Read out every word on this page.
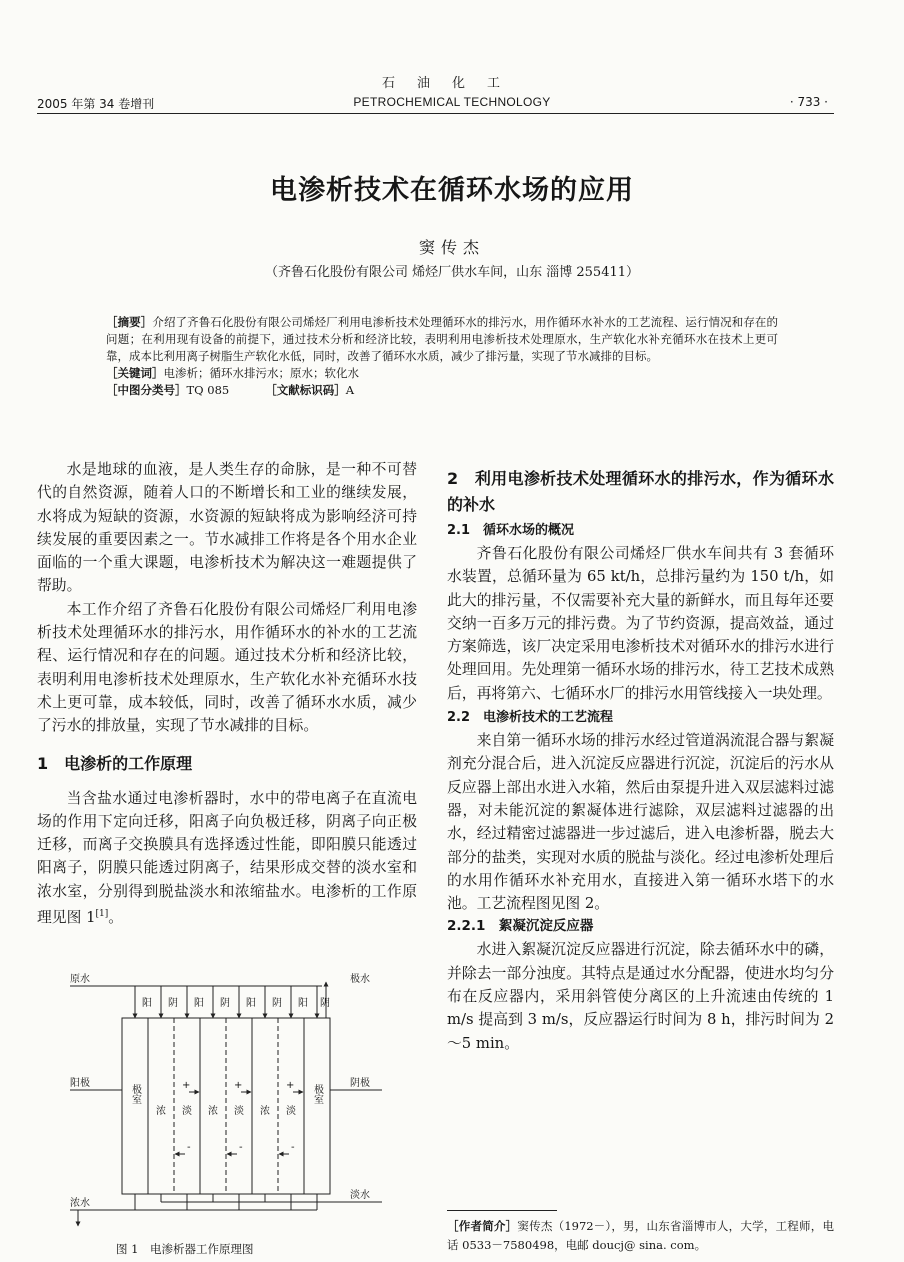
石油化工
2005 年第 34 卷增刊	PETROCHEMICAL TECHNOLOGY	· 733 ·
电渗析技术在循环水场的应用
窦传杰
（齐鲁石化股份有限公司 烯烃厂供水车间，山东 淄博 255411）

［摘要］介绍了齐鲁石化股份有限公司烯烃厂利用电渗析技术处理循环水的排污水，用作循环水补水的工艺流程、运行情况和存在的问题；在利用现有设备的前提下，通过技术分析和经济比较，表明利用电渗析技术处理原水，生产软化水补充循环水在技术上更可靠，成本比利用离子树脂生产软化水低，同时，改善了循环水水质，减少了排污量，实现了节水减排的目标。

［关键词］电渗析；循环水排污水；原水；软化水

［中图分类号］TQ 085	［文献标识码］A

水是地球的血液，是人类生存的命脉，是一种不可替代的自然资源，随着人口的不断增长和工业的继续发展，水将成为短缺的资源，水资源的短缺将成为影响经济可持续发展的重要因素之一。节水减排工作将是各个用水企业面临的一个重大课题，电渗析技术为解决这一难题提供了帮助。

本工作介绍了齐鲁石化股份有限公司烯烃厂利用电渗析技术处理循环水的排污水，用作循环水的补水的工艺流程、运行情况和存在的问题。通过技术分析和经济比较，表明利用电渗析技术处理原水，生产软化水补充循环水技术上更可靠，成本较低，同时，改善了循环水水质，减少了污水的排放量，实现了节水减排的目标。

1　电渗析的工作原理

当含盐水通过电渗析器时，水中的带电离子在直流电场的作用下定向迁移，阳离子向负极迁移，阴离子向正极迁移，而离子交换膜具有选择透过性能，即阳膜只能透过阳离子，阴膜只能透过阴离子，结果形成交替的淡水室和浓水室，分别得到脱盐淡水和浓缩盐水。电渗析的工作原理见图 1[1]。

原水	极水
阳极	阴极
浓水
淡水
阳 阴 阳 阴 阳 阴 阳 阴
极室	极室
浓 淡 浓 淡 浓 淡
+	+	+
-	-	-
图 1　电渗析器工作原理图
2　利用电渗析技术处理循环水的排污水，作为循环水的补水
2.1　循环水场的概况

齐鲁石化股份有限公司烯烃厂供水车间共有 3 套循环水装置，总循环量为 65 kt/h，总排污量约为 150 t/h，如此大的排污量，不仅需要补充大量的新鲜水，而且每年还要交纳一百多万元的排污费。为了节约资源，提高效益，通过方案筛选，该厂决定采用电渗析技术对循环水的排污水进行处理回用。先处理第一循环水场的排污水，待工艺技术成熟后，再将第六、七循环水厂的排污水用管线接入一块处理。

2.2　电渗析技术的工艺流程

来自第一循环水场的排污水经过管道涡流混合器与絮凝剂充分混合后，进入沉淀反应器进行沉淀，沉淀后的污水从反应器上部出水进入水箱，然后由泵提升进入双层滤料过滤器，对未能沉淀的絮凝体进行滤除，双层滤料过滤器的出水，经过精密过滤器进一步过滤后，进入电渗析器，脱去大部分的盐类，实现对水质的脱盐与淡化。经过电渗析处理后的水用作循环水补充用水，直接进入第一循环水塔下的水池。工艺流程图见图 2。

2.2.1　絮凝沉淀反应器

水进入絮凝沉淀反应器进行沉淀，除去循环水中的磷，并除去一部分浊度。其特点是通过水分配器，使进水均匀分布在反应器内，采用斜管使分离区的上升流速由传统的 1 m/s 提高到 3 m/s，反应器运行时间为 8 h，排污时间为 2～5 min。

［作者简介］窦传杰（1972－），男，山东省淄博市人，大学，工程师，电话 0533－7580498，电邮 doucj@ sina. com。
